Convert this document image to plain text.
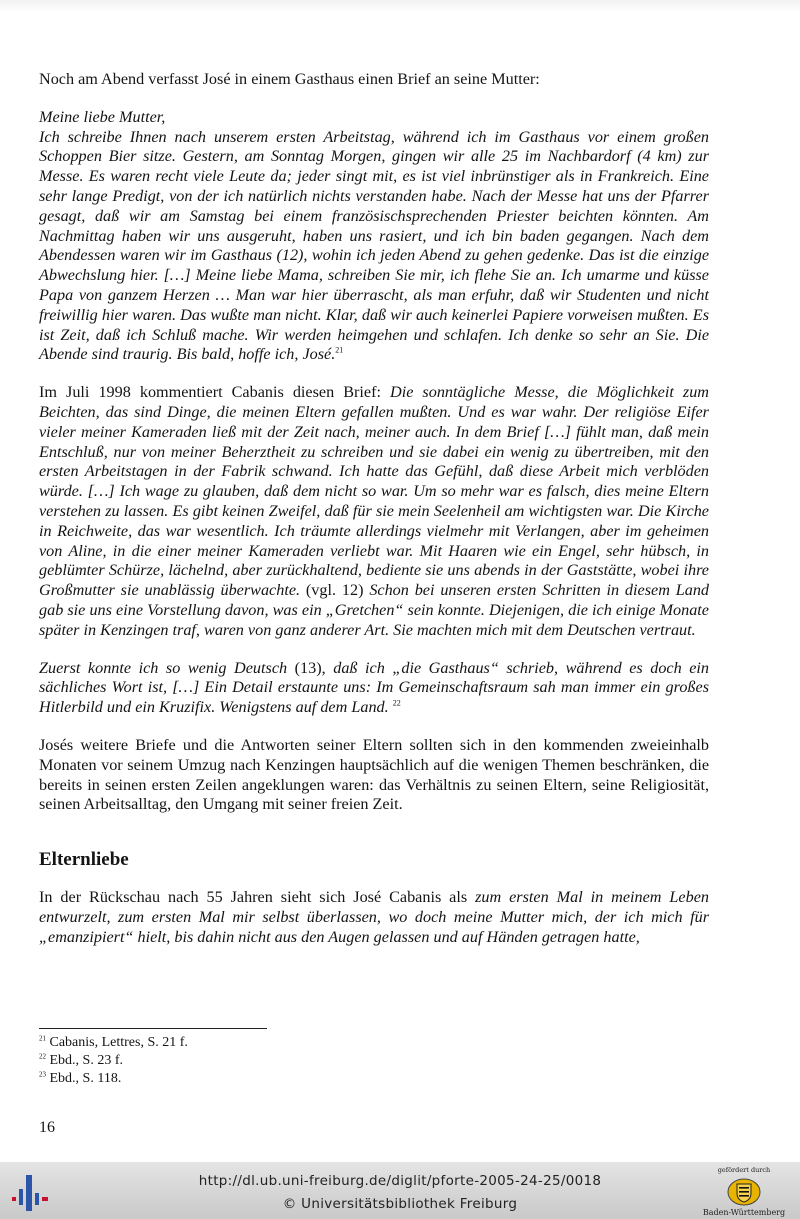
Noch am Abend verfasst José in einem Gasthaus einen Brief an seine Mutter:

Meine liebe Mutter,

Ich schreibe Ihnen nach unserem ersten Arbeitstag, während ich im Gasthaus vor einem großen Schoppen Bier sitze. Gestern, am Sonntag Morgen, gingen wir alle 25 im Nachbardorf (4 km) zur Messe. Es waren recht viele Leute da; jeder singt mit, es ist viel inbrünstiger als in Frankreich. Eine sehr lange Predigt, von der ich natürlich nichts verstanden habe. Nach der Messe hat uns der Pfarrer gesagt, daß wir am Samstag bei einem französischsprechenden Priester beichten könnten. Am Nachmittag haben wir uns ausgeruht, haben uns rasiert, und ich bin baden gegangen. Nach dem Abendessen waren wir im Gasthaus (12), wohin ich jeden Abend zu gehen gedenke. Das ist die einzige Abwechslung hier. […] Meine liebe Mama, schreiben Sie mir, ich flehe Sie an. Ich umarme und küsse Papa von ganzem Herzen … Man war hier überrascht, als man erfuhr, daß wir Studenten und nicht freiwillig hier waren. Das wußte man nicht. Klar, daß wir auch keinerlei Papiere vorweisen mußten. Es ist Zeit, daß ich Schluß mache. Wir werden heimgehen und schlafen. Ich denke so sehr an Sie. Die Abende sind traurig. Bis bald, hoffe ich, José.$^{21}$

Im Juli 1998 kommentiert Cabanis diesen Brief: Die sonntägliche Messe, die Möglichkeit zum Beichten, das sind Dinge, die meinen Eltern gefallen mußten. Und es war wahr. Der religiöse Eifer vieler meiner Kameraden ließ mit der Zeit nach, meiner auch. In dem Brief […] fühlt man, daß mein Entschluß, nur von meiner Beherztheit zu schreiben und sie dabei ein wenig zu übertreiben, mit den ersten Arbeitstagen in der Fabrik schwand. Ich hatte das Gefühl, daß diese Arbeit mich verblöden würde. […] Ich wage zu glauben, daß dem nicht so war. Um so mehr war es falsch, dies meine Eltern verstehen zu lassen. Es gibt keinen Zweifel, daß für sie mein Seelenheil am wichtigsten war. Die Kirche in Reichweite, das war wesentlich. Ich träumte allerdings vielmehr mit Verlangen, aber im geheimen von Aline, in die einer meiner Kameraden verliebt war. Mit Haaren wie ein Engel, sehr hübsch, in geblümter Schürze, lächelnd, aber zurückhaltend, bediente sie uns abends in der Gaststätte, wobei ihre Großmutter sie unablässig überwachte. (vgl. 12) Schon bei unseren ersten Schritten in diesem Land gab sie uns eine Vorstellung davon, was ein „Gretchen“ sein konnte. Diejenigen, die ich einige Monate später in Kenzingen traf, waren von ganz anderer Art. Sie machten mich mit dem Deutschen vertraut.

Zuerst konnte ich so wenig Deutsch (13), daß ich „die Gasthaus“ schrieb, während es doch ein sächliches Wort ist, […] Ein Detail erstaunte uns: Im Gemeinschaftsraum sah man immer ein großes Hitlerbild und ein Kruzifix. Wenigstens auf dem Land. $^{22}$

Josés weitere Briefe und die Antworten seiner Eltern sollten sich in den kommenden zweieinhalb Monaten vor seinem Umzug nach Kenzingen hauptsächlich auf die wenigen Themen beschränken, die bereits in seinen ersten Zeilen angeklungen waren: das Verhältnis zu seinen Eltern, seine Religiosität, seinen Arbeitsalltag, den Umgang mit seiner freien Zeit.

Elternliebe

In der Rückschau nach 55 Jahren sieht sich José Cabanis als zum ersten Mal in meinem Leben entwurzelt, zum ersten Mal mir selbst überlassen, wo doch meine Mutter mich, der ich mich für „emanzipiert“ hielt, bis dahin nicht aus den Augen gelassen und auf Händen getragen hatte,

$^{21}$ Cabanis, Lettres, S. 21 f.
$^{22}$ Ebd., S. 23 f.
$^{23}$ Ebd., S. 118.
16
http://dl.ub.uni-freiburg.de/diglit/pforte-2005-24-25/0018
© Universitätsbibliothek Freiburg
gefördert durch
Baden-Württemberg
